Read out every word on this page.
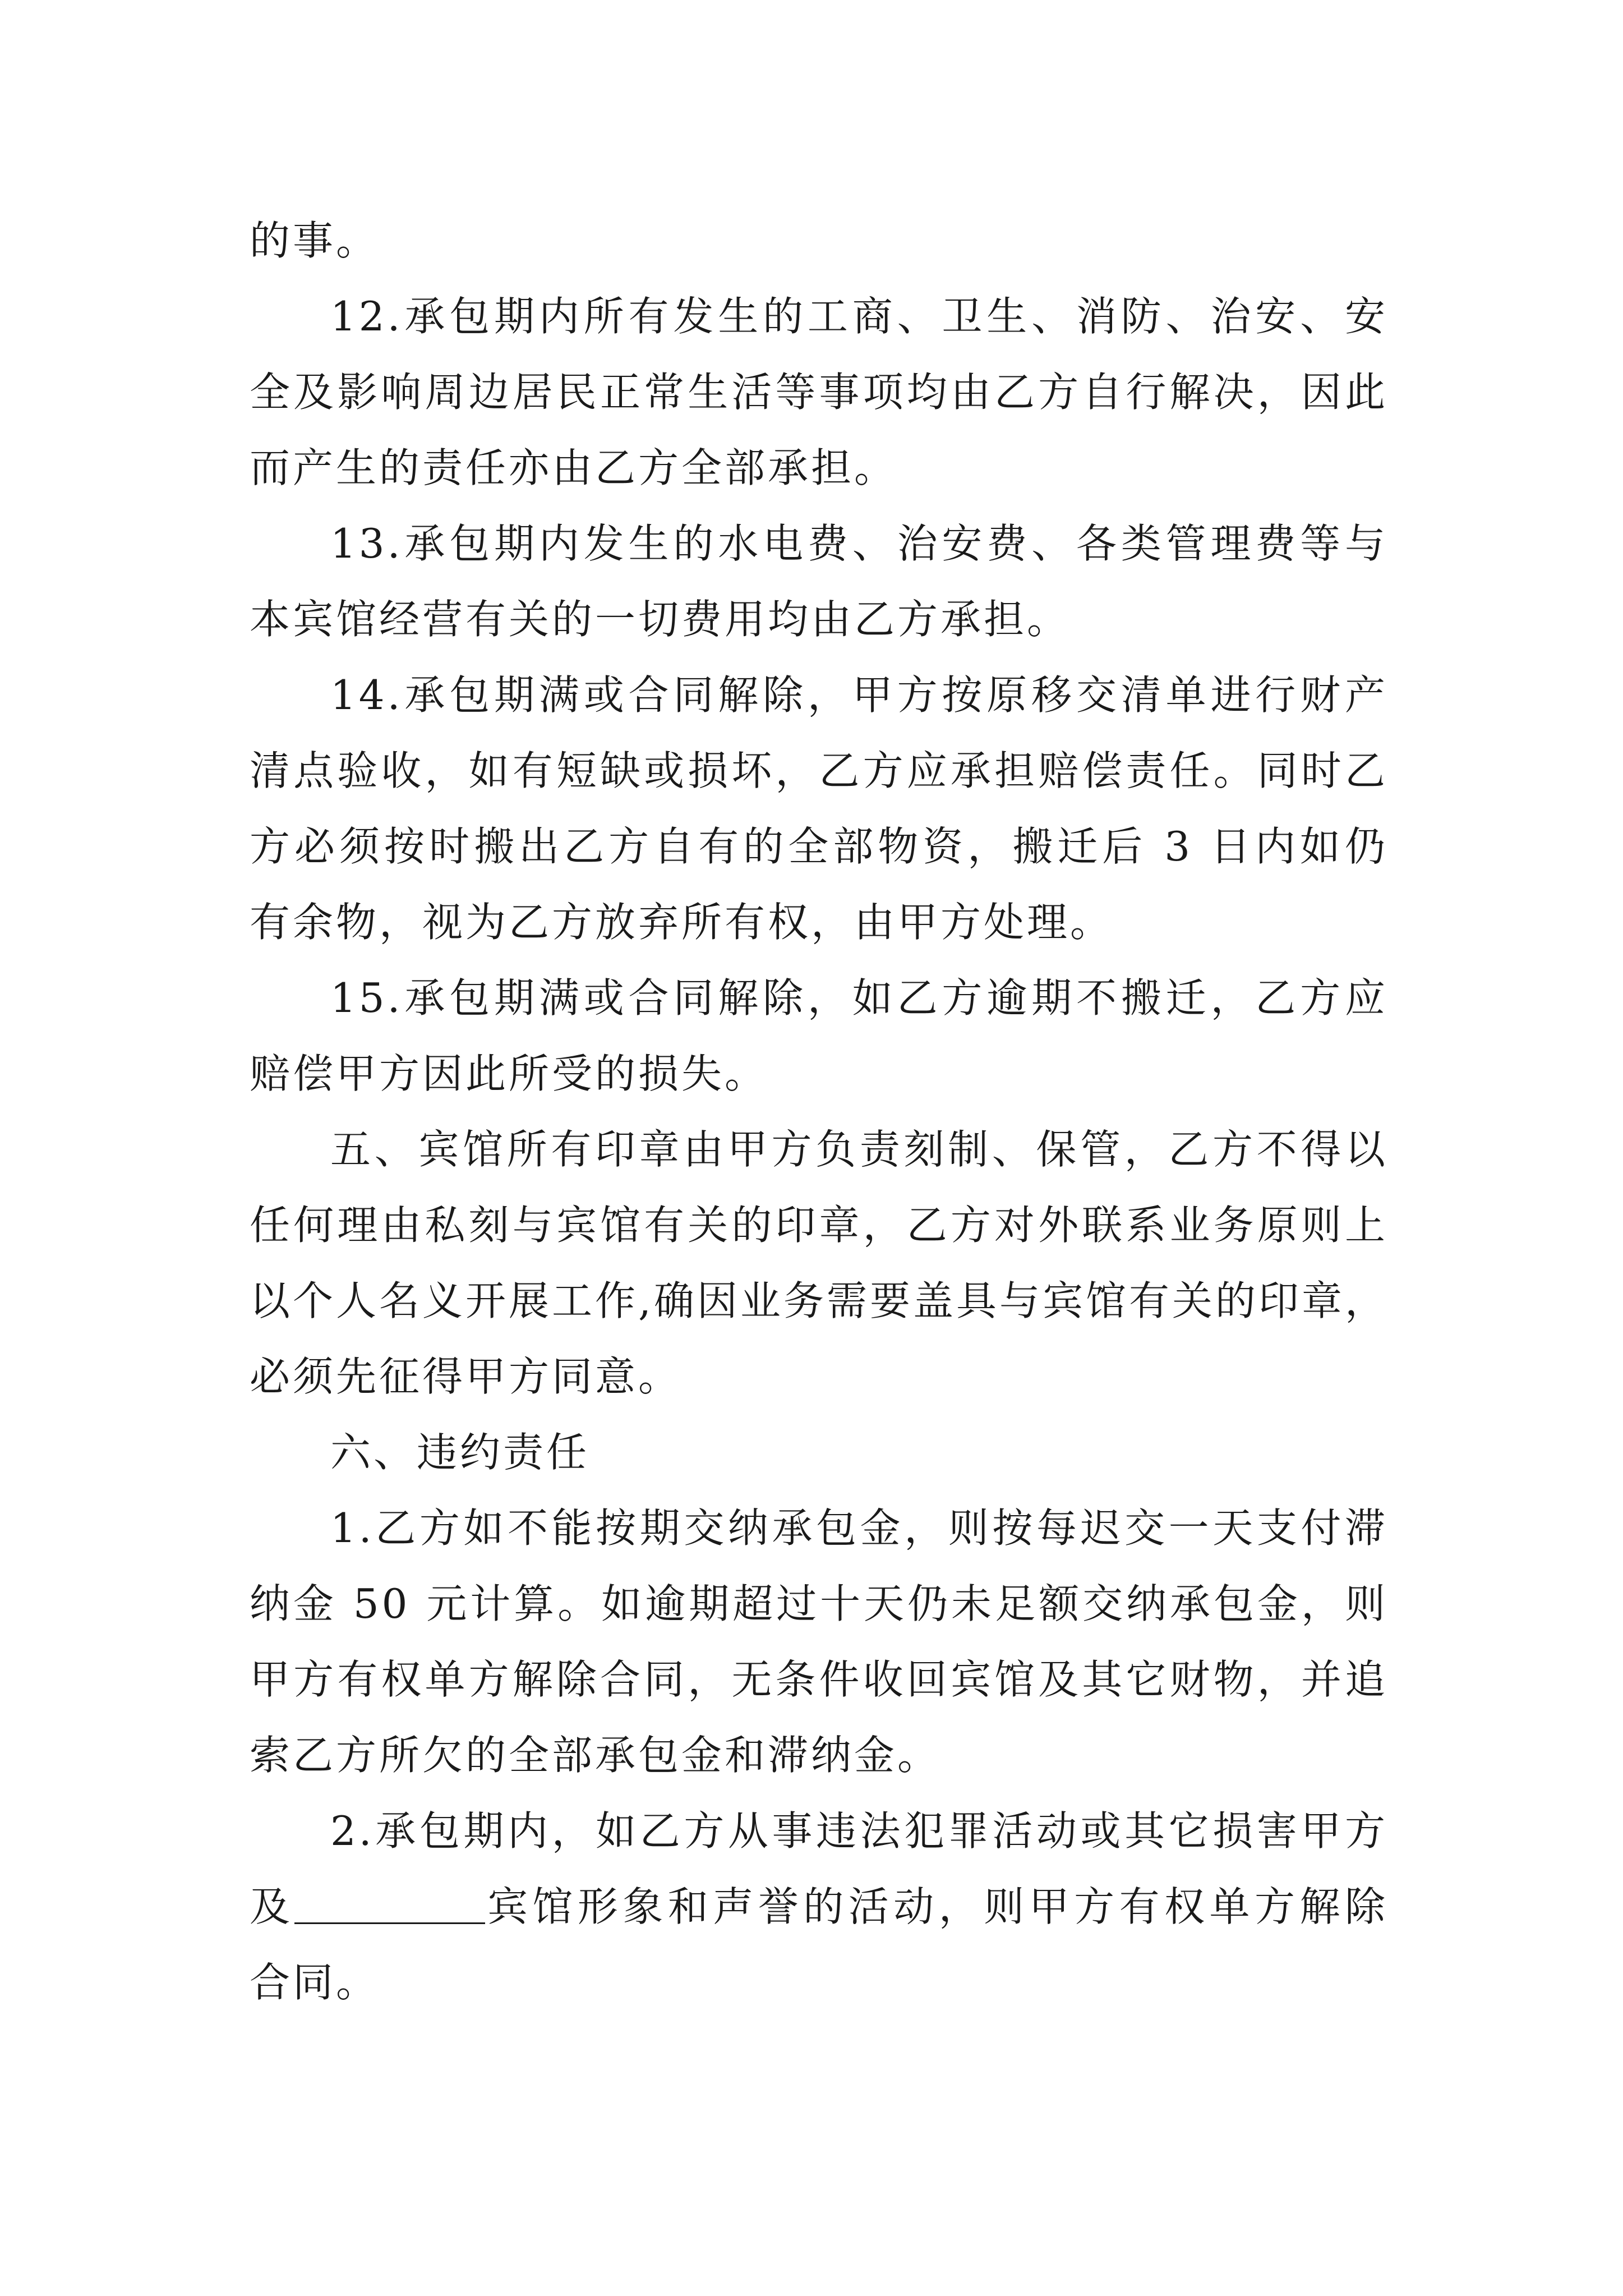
的事。

12.承包期内所有发生的工商、卫生、消防、治安、安全及影响周边居民正常生活等事项均由乙方自行解决，因此而产生的责任亦由乙方全部承担。

13.承包期内发生的水电费、治安费、各类管理费等与本宾馆经营有关的一切费用均由乙方承担。

14.承包期满或合同解除，甲方按原移交清单进行财产清点验收，如有短缺或损坏，乙方应承担赔偿责任。同时乙方必须按时搬出乙方自有的全部物资，搬迁后 3 日内如仍有余物，视为乙方放弃所有权，由甲方处理。

15.承包期满或合同解除，如乙方逾期不搬迁，乙方应赔偿甲方因此所受的损失。

五、宾馆所有印章由甲方负责刻制、保管，乙方不得以任何理由私刻与宾馆有关的印章，乙方对外联系业务原则上以个人名义开展工作,确因业务需要盖具与宾馆有关的印章，必须先征得甲方同意。

六、违约责任

1.乙方如不能按期交纳承包金，则按每迟交一天支付滞纳金 50 元计算。如逾期超过十天仍未足额交纳承包金，则甲方有权单方解除合同，无条件收回宾馆及其它财物，并追索乙方所欠的全部承包金和滞纳金。

2.承包期内，如乙方从事违法犯罪活动或其它损害甲方及	宾馆形象和声誉的活动，则甲方有权单方解除合同。
